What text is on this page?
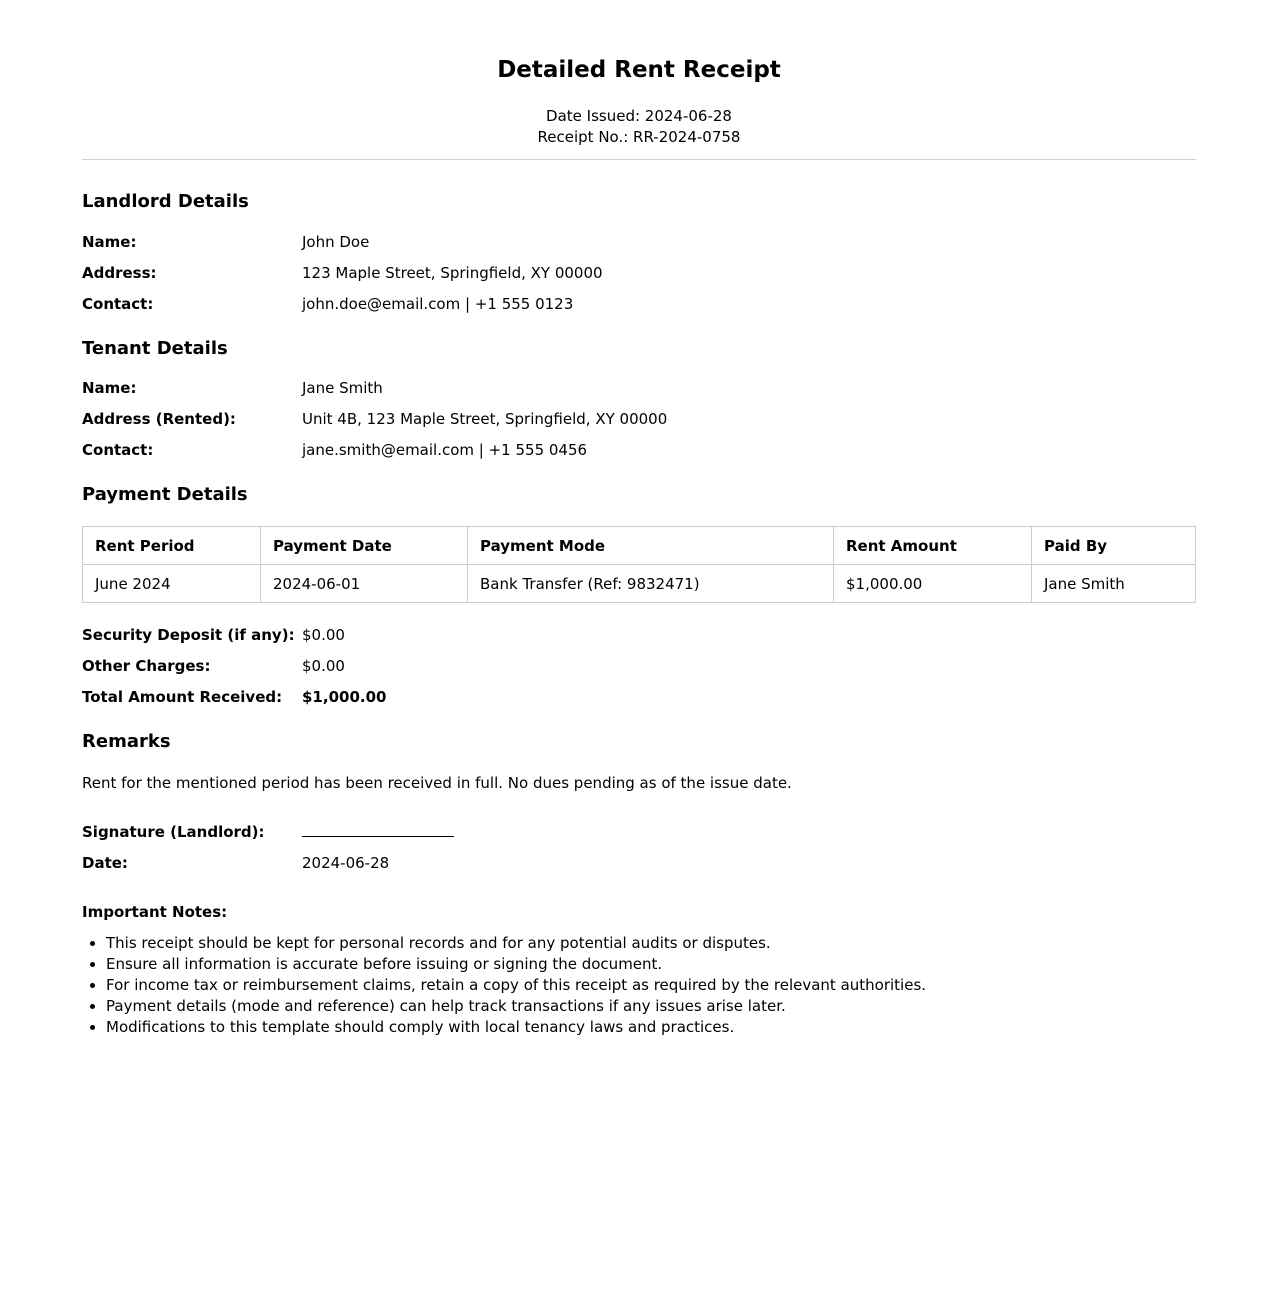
Detailed Rent Receipt
Date Issued: 2024-06-28
Receipt No.: RR-2024-0758
Landlord Details
Name:	John Doe
Address:	123 Maple Street, Springfield, XY 00000
Contact:	john.doe@email.com | +1 555 0123
Tenant Details
Name:	Jane Smith
Address (Rented):	Unit 4B, 123 Maple Street, Springfield, XY 00000
Contact:	jane.smith@email.com | +1 555 0456
Payment Details
Rent Period	Payment Date	Payment Mode	Rent Amount	Paid By
June 2024	2024-06-01	Bank Transfer (Ref: 9832471)	$1,000.00	Jane Smith
Security Deposit (if any): $0.00
Other Charges:	$0.00
Total Amount Received:	$1,000.00
Remarks
Rent for the mentioned period has been received in full. No dues pending as of the issue date.
Signature (Landlord):
Date:	2024-06-28
Important Notes:
• This receipt should be kept for personal records and for any potential audits or disputes.
• Ensure all information is accurate before issuing or signing the document.
• For income tax or reimbursement claims, retain a copy of this receipt as required by the relevant authorities.
• Payment details (mode and reference) can help track transactions if any issues arise later.
• Modifications to this template should comply with local tenancy laws and practices.
